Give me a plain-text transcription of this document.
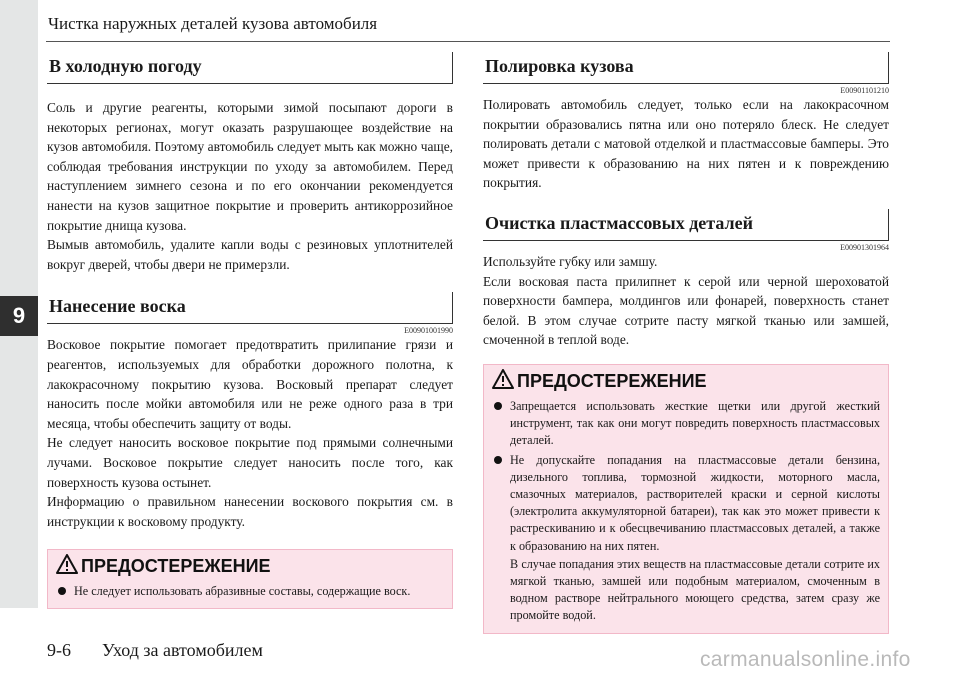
9
Чистка наружных деталей кузова автомобиля
В холодную погоду

Соль и другие реагенты, которыми зимой посыпают дороги в некоторых регионах, могут оказать разрушающее воздействие на кузов автомобиля. Поэтому автомобиль следует мыть как можно чаще, соблюдая требования инструкции по уходу за автомобилем. Перед наступлением зимнего сезона и по его окончании рекомендуется нанести на кузов защитное покрытие и проверить антикоррозийное покрытие днища кузова.

Вымыв автомобиль, удалите капли воды с резиновых уплотнителей вокруг дверей, чтобы двери не примерзли.

Нанесение воска
E00901001990

Восковое покрытие помогает предотвратить прилипание грязи и реагентов, используемых для обработки дорожного полотна, к лакокрасочному покрытию кузова. Восковый препарат следует наносить после мойки автомобиля или не реже одного раза в три месяца, чтобы обеспечить защиту от воды.

Не следует наносить восковое покрытие под прямыми солнечными лучами. Восковое покрытие следует наносить после того, как поверхность кузова остынет.

Информацию о правильном нанесении воскового покрытия см. в инструкции к восковому продукту.

ПРЕДОСТЕРЕЖЕНИЕ
Не следует использовать абразивные составы, содержащие воск.
Полировка кузова
E00901101210

Полировать автомобиль следует, только если на лакокрасочном покрытии образовались пятна или оно потеряло блеск. Не следует полировать детали с матовой отделкой и пластмассовые бамперы. Это может привести к образованию на них пятен и к повреждению покрытия.

Очистка пластмассовых деталей
E00901301964

Используйте губку или замшу.

Если восковая паста прилипнет к серой или черной шероховатой поверхности бампера, молдингов или фонарей, поверхность станет белой. В этом случае сотрите пасту мягкой тканью или замшей, смоченной в теплой воде.

ПРЕДОСТЕРЕЖЕНИЕ
Запрещается использовать жесткие щетки или другой жесткий инструмент, так как они могут повредить поверхность пластмассовых деталей.
Не допускайте попадания на пластмассовые детали бензина, дизельного топлива, тормозной жидкости, моторного масла, смазочных материалов, растворителей краски и серной кислоты (электролита аккумуляторной батареи), так как это может привести к растрескиванию и к обесцвечиванию пластмассовых деталей, а также к образованию на них пятен.
В случае попадания этих веществ на пластмассовые детали сотрите их мягкой тканью, замшей или подобным материалом, смоченным в водном растворе нейтрального моющего средства, затем сразу же промойте водой.
9-6 Уход за автомобилем	carmanualsonline.info
